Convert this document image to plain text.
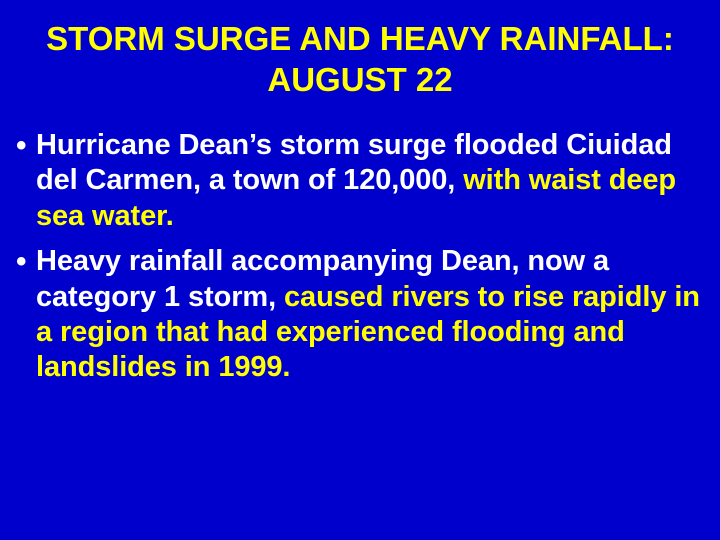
STORM SURGE AND HEAVY RAINFALL: AUGUST 22
• Hurricane Dean’s storm surge flooded Ciuidad del Carmen, a town of 120,000, with waist deep sea water.
• Heavy rainfall accompanying Dean, now a category 1 storm, caused rivers to rise rapidly in a region that had experienced flooding and landslides in 1999.
